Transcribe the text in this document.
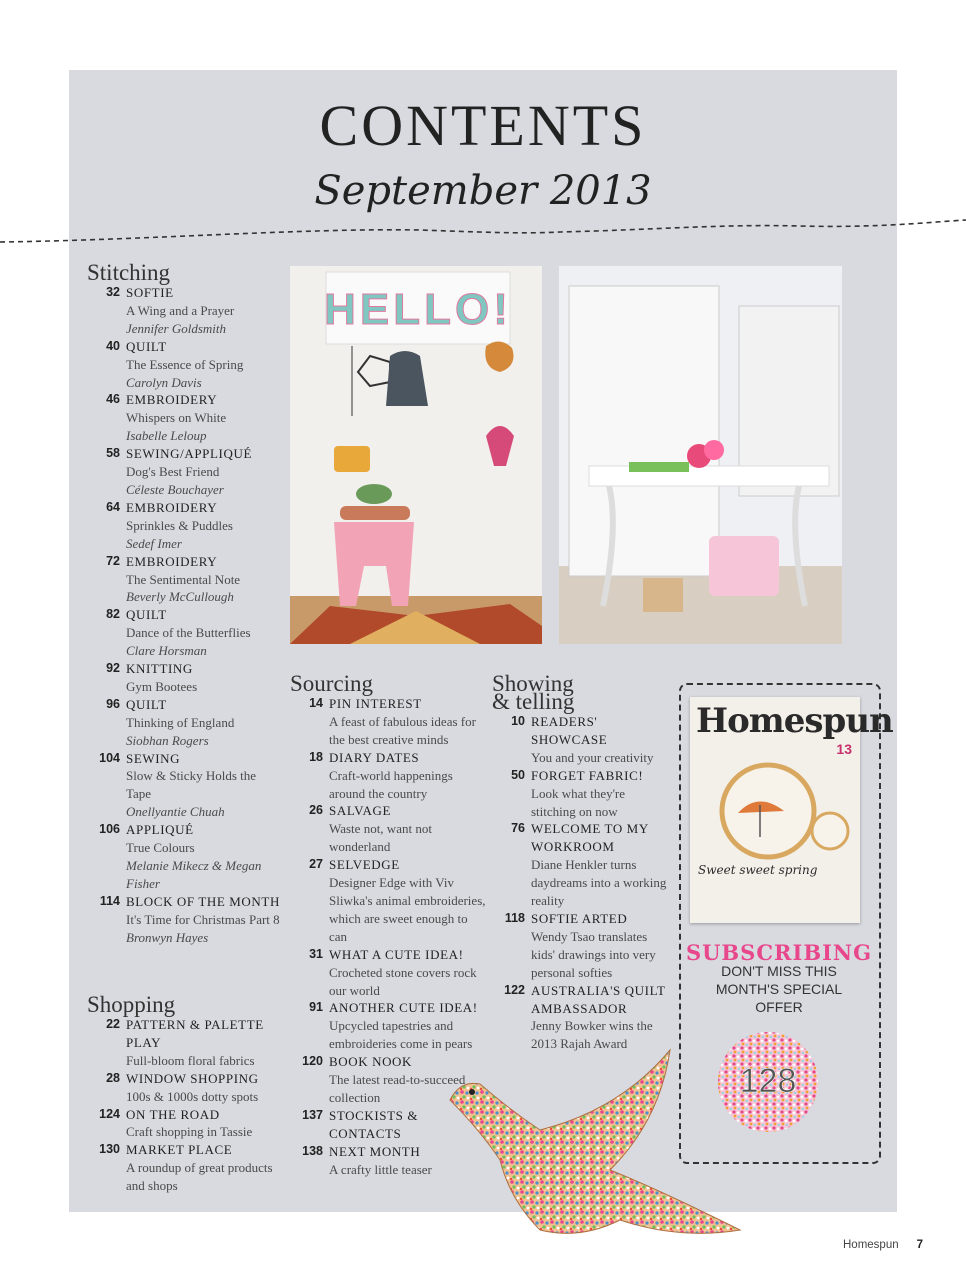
CONTENTS
September 2013
Stitching
32 SOFTIE
A Wing and a Prayer
Jennifer Goldsmith
40 QUILT
The Essence of Spring
Carolyn Davis
46 EMBROIDERY
Whispers on White
Isabelle Leloup
58 SEWING/APPLIQUÉ
Dog's Best Friend
Céleste Bouchayer
64 EMBROIDERY
Sprinkles & Puddles
Sedef Imer
72 EMBROIDERY
The Sentimental Note
Beverly McCullough
82 QUILT
Dance of the Butterflies
Clare Horsman
92 KNITTING
Gym Bootees
96 QUILT
Thinking of England
Siobhan Rogers
104 SEWING
Slow & Sticky Holds the Tape
Onellyantie Chuah
106 APPLIQUÉ
True Colours
Melanie Mikecz & Megan Fisher
114 BLOCK OF THE MONTH
It's Time for Christmas Part 8
Bronwyn Hayes
Shopping
22 PATTERN & PALETTE PLAY
Full-bloom floral fabrics
28 WINDOW SHOPPING
100s & 1000s dotty spots
124 ON THE ROAD
Craft shopping in Tassie
130 MARKET PLACE
A roundup of great products and shops
Sourcing
14 PIN INTEREST
A feast of fabulous ideas for the best creative minds
18 DIARY DATES
Craft-world happenings around the country
26 SALVAGE
Waste not, want not wonderland
27 SELVEDGE
Designer Edge with Viv Sliwka's animal embroideries, which are sweet enough to can
31 WHAT A CUTE IDEA!
Crocheted stone covers rock our world
91 ANOTHER CUTE IDEA!
Upcycled tapestries and embroideries come in pears
120 BOOK NOOK
The latest read-to-succeed collection
137 STOCKISTS & CONTACTS
138 NEXT MONTH
A crafty little teaser
Showing
& telling
10 READERS' SHOWCASE
You and your creativity
50 FORGET FABRIC!
Look what they're stitching on now
76 WELCOME TO MY WORKROOM
Diane Henkler turns daydreams into a working reality
118 SOFTIE ARTED
Wendy Tsao translates kids' drawings into very personal softies
122 AUSTRALIA'S QUILT AMBASSADOR
Jenny Bowker wins the 2013 Rajah Award
HELLO!
Homespun
13
Sweet sweet spring
SUBSCRIBING
DON'T MISS THIS
MONTH'S SPECIAL
OFFER
128
Homespun 7
